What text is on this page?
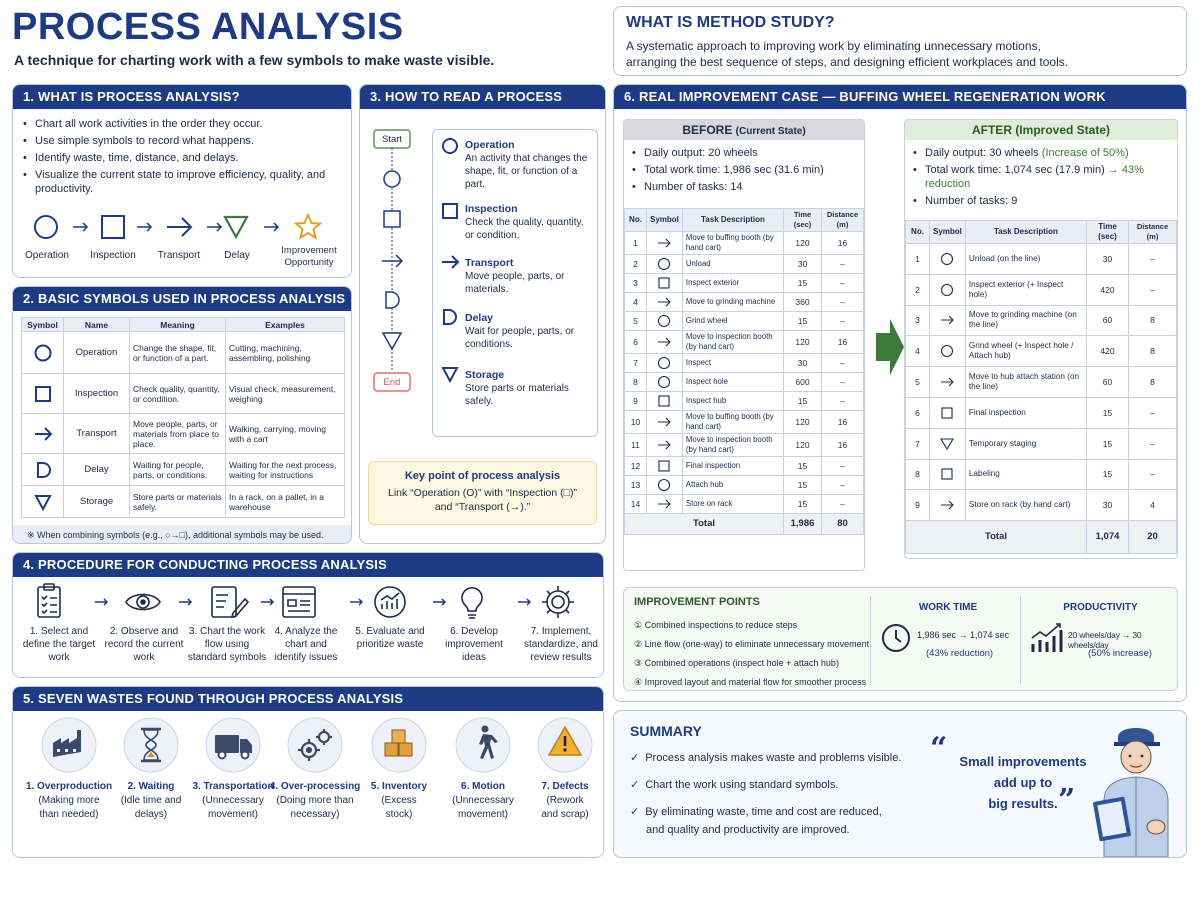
PROCESS ANALYSIS
A technique for charting work with a few symbols to make waste visible.
WHAT IS METHOD STUDY?
A systematic approach to improving work by eliminating unnecessary motions,
arranging the best sequence of steps, and designing efficient workplaces and tools.
1. WHAT IS PROCESS ANALYSIS?
• Chart all work activities in the order they occur.
• Use simple symbols to record what happens.
• Identify waste, time, distance, and delays.
• Visualize the current state to improve efficiency, quality, and productivity.
Operation	Inspection	Transport	Delay	Improvement Opportunity
2. BASIC SYMBOLS USED IN PROCESS ANALYSIS
Symbol	Name	Meaning	Examples

	Operation	Change the shape, fit, or function of a part.	Cutting, machining, assembling, polishing

	Inspection	Check quality, quantity, or condition.	Visual check, measurement, weighing

	Transport	Move people, parts, or materials from place to place.	Walking, carrying, moving with a cart

	Delay	Waiting for people, parts, or conditions.	Waiting for the next process, waiting for instructions

	Storage	Store parts or materials safely.	In a rack, on a pallet, in a warehouse
※ When combining symbols (e.g., ○→□), additional symbols may be used.
3. HOW TO READ A PROCESS CHART
Start
End
Operation
An activity that changes the shape, fit, or function of a part.
Inspection
Check the quality, quantity, or condition.
Transport
Move people, parts, or materials.
Delay
Wait for people, parts, or conditions.
Storage
Store parts or materials safely.
Key point of process analysis
Link “Operation (O)” with “Inspection (□)”
and “Transport (→).”
4. PROCEDURE FOR CONDUCTING PROCESS ANALYSIS
1. Select and define the target work
2. Observe and record the current work
3. Chart the work flow using standard symbols
4. Analyze the chart and identify issues
5. Evaluate and prioritize waste
6. Develop improvement ideas
7. Implement, standardize, and review results
5. SEVEN WASTES FOUND THROUGH PROCESS ANALYSIS
1. Overproduction
(Making more than needed)
2. Waiting
(Idle time and delays)
3. Transportation
(Unnecessary movement)
4. Over-processing
(Doing more than necessary)
5. Inventory
(Excess stock)
6. Motion
(Unnecessary movement)
7. Defects
(Rework and scrap)
6. REAL IMPROVEMENT CASE — BUFFING WHEEL REGENERATION WORK
BEFORE (Current State)
• Daily output: 20 wheels
• Total work time: 1,986 sec (31.6 min)
• Number of tasks: 14
No.	Symbol	Task Description	Time (sec)	Distance (m)
1		Move to buffing booth (by hand cart)	120	16
2		Unload	30	–
3		Inspect exterior	15	–
4		Move to grinding machine	360	–
5		Grind wheel	15	–
6		Move to inspection booth (by hand cart)	120	16
7		Inspect	30	–
8		Inspect hole	600	–
9		Inspect hub	15	–
10		Move to buffing booth (by hand cart)	120	16
11		Move to inspection booth (by hand cart)	120	16
12		Final inspection	15	–
13		Attach hub	15	–
14		Store on rack	15	–
Total			1,986	80
AFTER (Improved State)
• Daily output: 30 wheels (Increase of 50%)
• Total work time: 1,074 sec (17.9 min) → 43% reduction
• Number of tasks: 9
No.	Symbol	Task Description	Time (sec)	Distance (m)
1		Unload (on the line)	30	–
2		Inspect exterior (+ Inspect hole)	420	–
3		Move to grinding machine (on the line)	60	8
4		Grind wheel (+ Inspect hole / Attach hub)	420	8
5		Move to hub attach station (on the line)	60	8
6		Final inspection	15	–
7		Temporary staging	15	–
8		Labeling	15	–
9		Store on rack (by hand cart)	30	4
Total			1,074	20
IMPROVEMENT POINTS
① Combined inspections to reduce steps
② Line flow (one-way) to eliminate unnecessary movement
③ Combined operations (inspect hole + attach hub)
④ Improved layout and material flow for smoother process
WORK TIME
1,986 sec → 1,074 sec
(43% reduction)
PRODUCTIVITY
20 wheels/day → 30 wheels/day
(50% increase)
SUMMARY
✓ Process analysis makes waste and problems visible.
✓ Chart the work using standard symbols.
✓ By eliminating waste, time and cost are reduced,
and quality and productivity are improved.
“ Small improvements
add up to
big results. ”
